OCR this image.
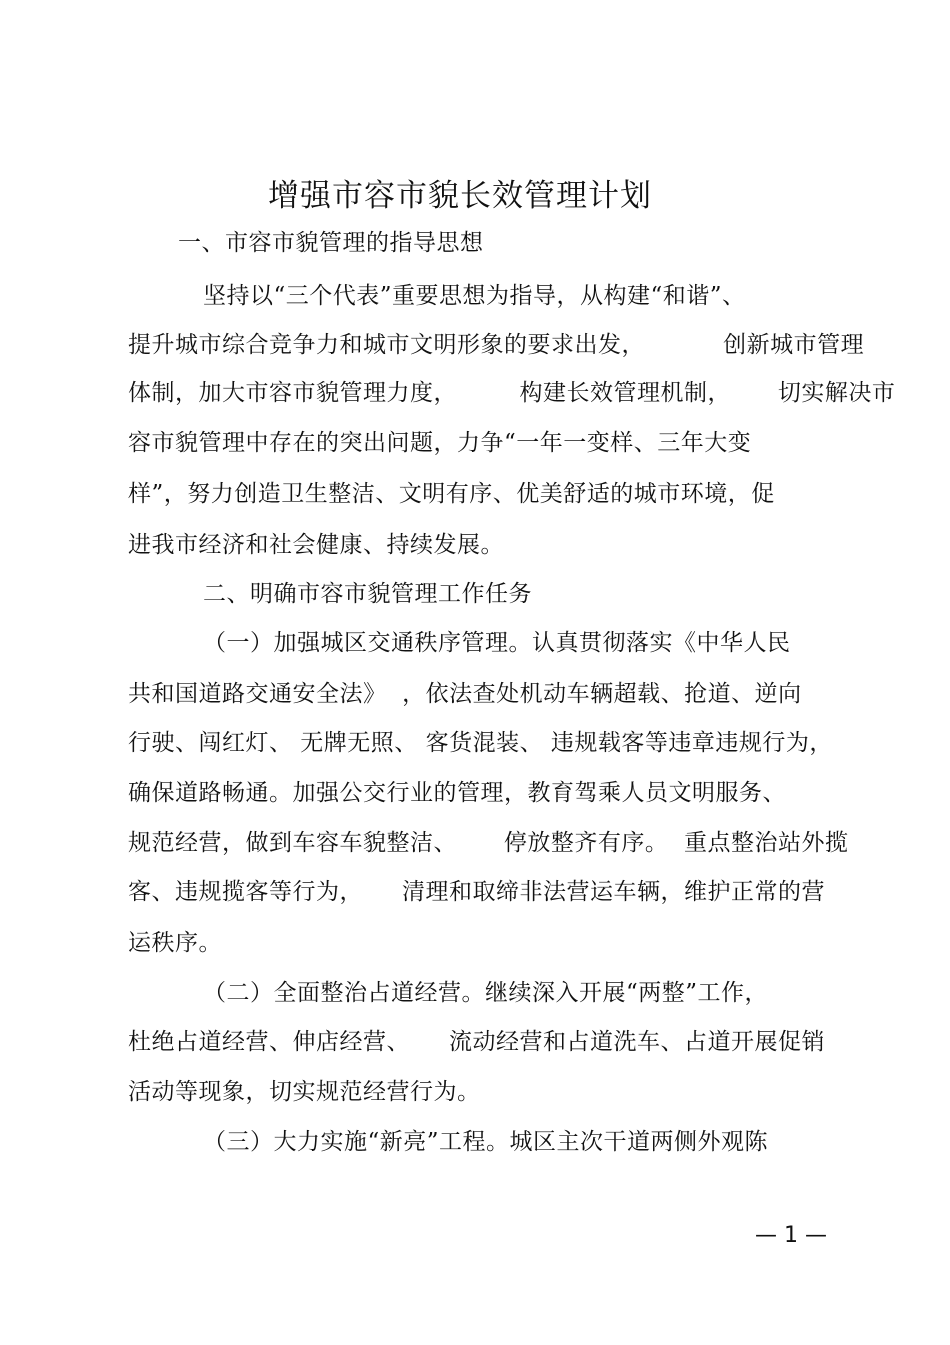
增强市容市貌长效管理计划
一、市容市貌管理的指导思想
坚持以“三个代表”重要思想为指导，从构建“和谐”、
提升城市综合竞争力和城市文明形象的要求出发，          创新城市管理
体制，加大市容市貌管理力度，        构建长效管理机制，      切实解决市
容市貌管理中存在的突出问题，力争“一年一变样、三年大变
样”，努力创造卫生整洁、文明有序、优美舒适的城市环境，促
进我市经济和社会健康、持续发展。
二、明确市容市貌管理工作任务
（一）加强城区交通秩序管理。认真贯彻落实《中华人民
共和国道路交通安全法》  ，依法查处机动车辆超载、抢道、逆向
行驶、闯红灯、 无牌无照、 客货混装、 违规载客等违章违规行为，
确保道路畅通。加强公交行业的管理，教育驾乘人员文明服务、
规范经营，做到车容车貌整洁、      停放整齐有序。  重点整治站外揽
客、违规揽客等行为，     清理和取缔非法营运车辆，维护正常的营
运秩序。
（二）全面整治占道经营。继续深入开展“两整”工作，
杜绝占道经营、伸店经营、     流动经营和占道洗车、占道开展促销
活动等现象，切实规范经营行为。
（三）大力实施“新亮”工程。城区主次干道两侧外观陈
— 1 —
